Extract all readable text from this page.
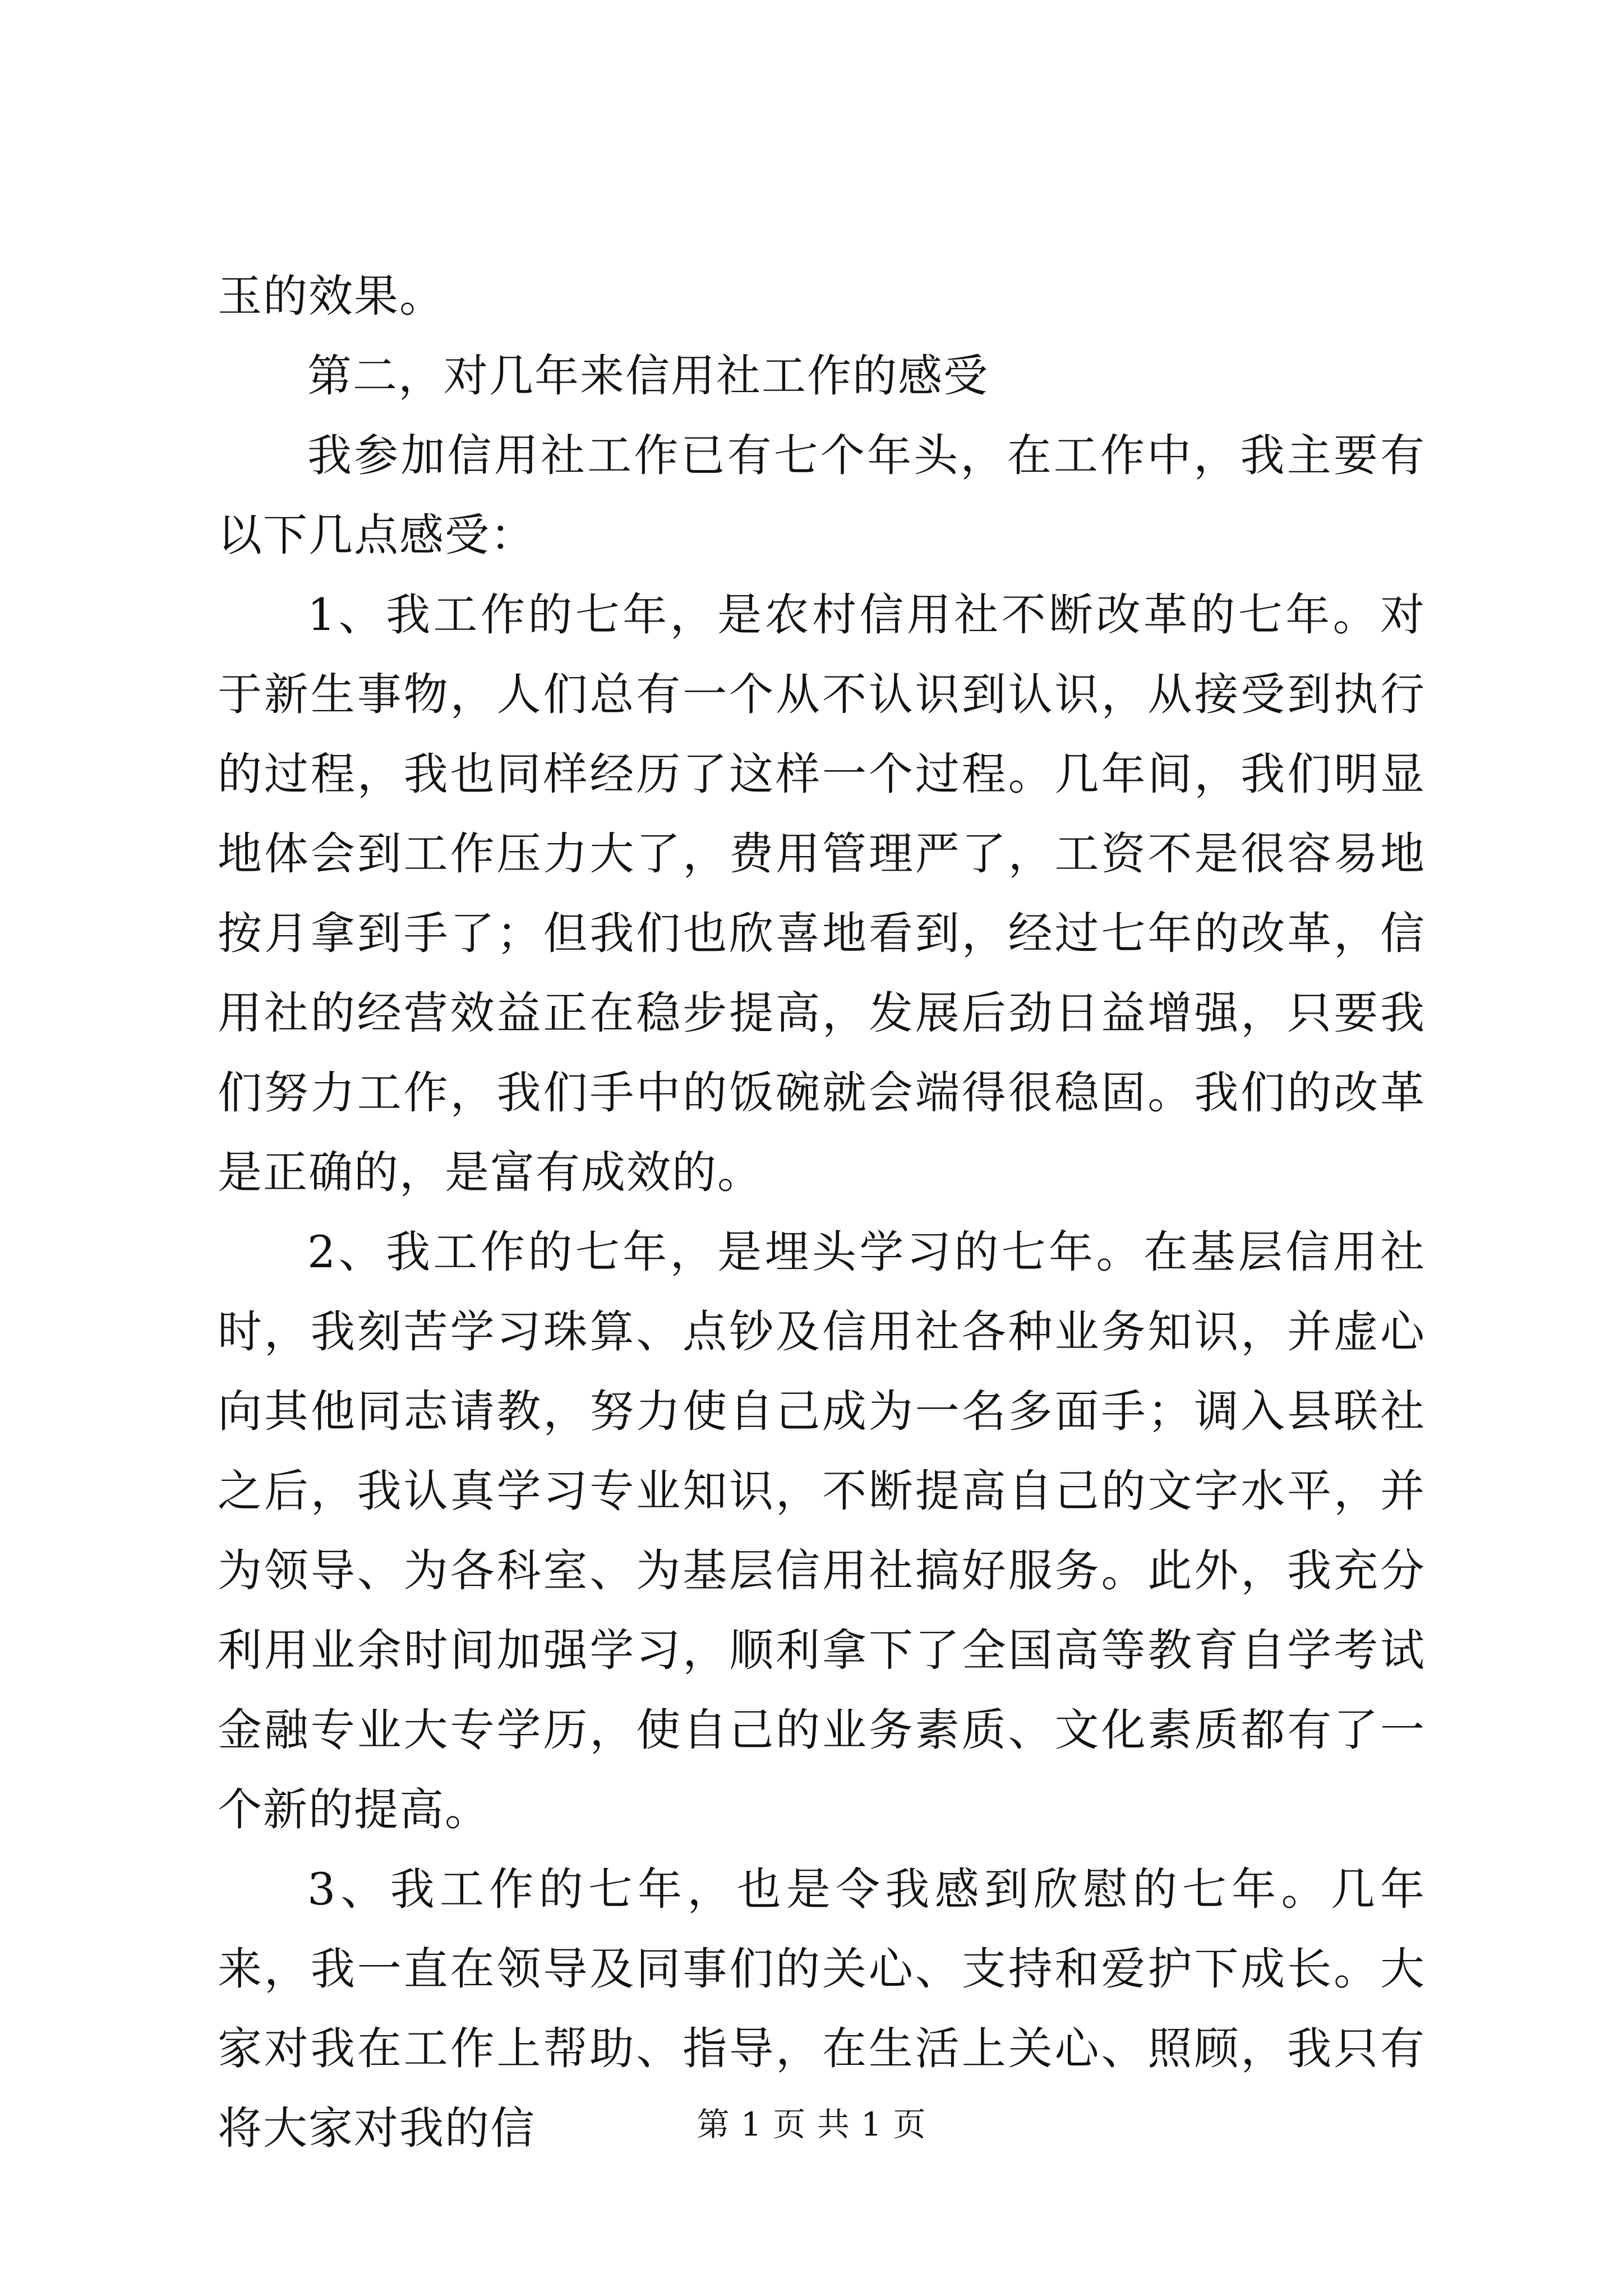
玉的效果。

第二，对几年来信用社工作的感受

我参加信用社工作已有七个年头，在工作中，我主要有以下几点感受：

1、我工作的七年，是农村信用社不断改革的七年。对于新生事物，人们总有一个从不认识到认识，从接受到执行的过程，我也同样经历了这样一个过程。几年间，我们明显地体会到工作压力大了，费用管理严了，工资不是很容易地按月拿到手了；但我们也欣喜地看到，经过七年的改革，信用社的经营效益正在稳步提高，发展后劲日益增强，只要我们努力工作，我们手中的饭碗就会端得很稳固。我们的改革是正确的，是富有成效的。

2、我工作的七年，是埋头学习的七年。在基层信用社时，我刻苦学习珠算、点钞及信用社各种业务知识，并虚心向其他同志请教，努力使自己成为一名多面手；调入县联社之后，我认真学习专业知识，不断提高自己的文字水平，并为领导、为各科室、为基层信用社搞好服务。此外，我充分利用业余时间加强学习，顺利拿下了全国高等教育自学考试金融专业大专学历，使自己的业务素质、文化素质都有了一个新的提高。

3、我工作的七年，也是令我感到欣慰的七年。几年来，我一直在领导及同事们的关心、支持和爱护下成长。大家对我在工作上帮助、指导，在生活上关心、照顾，我只有将大家对我的信	第 1 页 共 1 页
